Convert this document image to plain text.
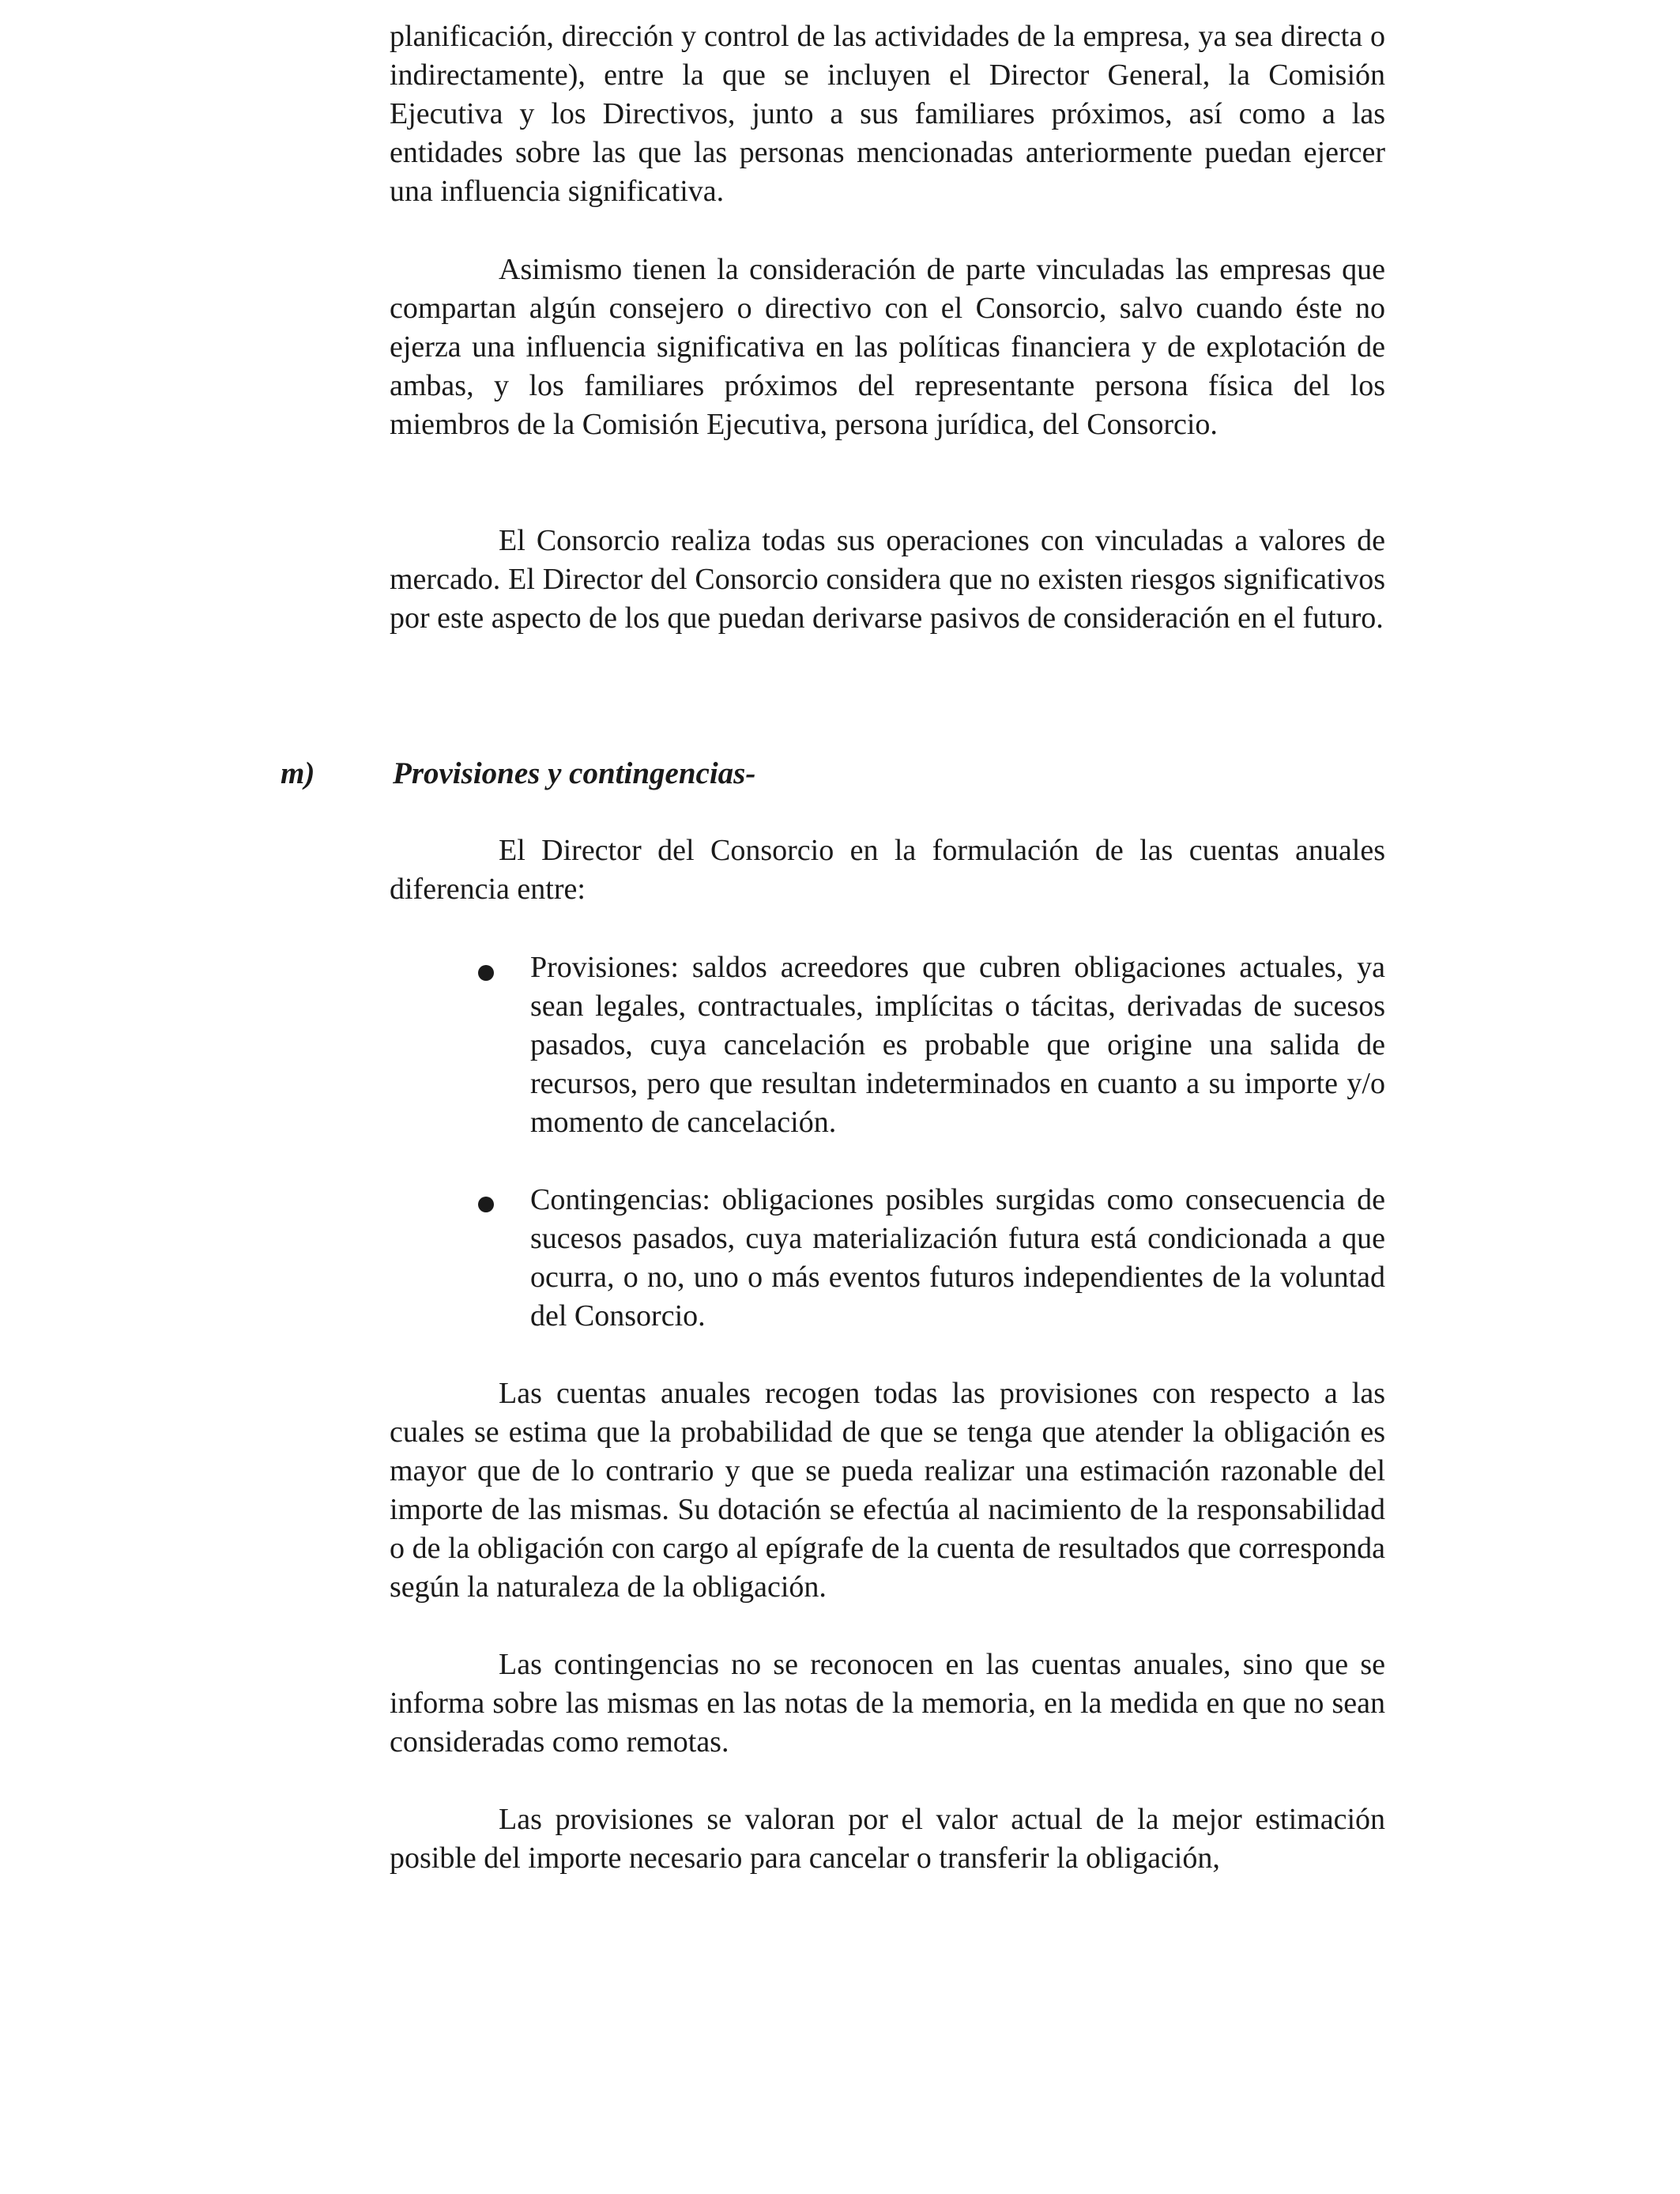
planificación, dirección y control de las actividades de la empresa, ya sea directa o indirectamente), entre la que se incluyen el Director General, la Comisión Ejecutiva y los Directivos, junto a sus familiares próximos, así como a las entidades sobre las que las personas mencionadas anteriormente puedan ejercer una influencia significativa.

Asimismo tienen la consideración de parte vinculadas las empresas que compartan algún consejero o directivo con el Consorcio, salvo cuando éste no ejerza una influencia significativa en las políticas financiera y de explotación de ambas, y los familiares próximos del representante persona física del los miembros de la Comisión Ejecutiva, persona jurídica, del Consorcio.

El Consorcio realiza todas sus operaciones con vinculadas a valores de mercado. El Director del Consorcio considera que no existen riesgos significativos por este aspecto de los que puedan derivarse pasivos de consideración en el futuro.

m)	Provisiones y contingencias-

El Director del Consorcio en la formulación de las cuentas anuales diferencia entre:

Provisiones: saldos acreedores que cubren obligaciones actuales, ya sean legales, contractuales, implícitas o tácitas, derivadas de sucesos pasados, cuya cancelación es probable que origine una salida de recursos, pero que resultan indeterminados en cuanto a su importe y/o momento de cancelación.

Contingencias: obligaciones posibles surgidas como consecuencia de sucesos pasados, cuya materialización futura está condicionada a que ocurra, o no, uno o más eventos futuros independientes de la voluntad del Consorcio.

Las cuentas anuales recogen todas las provisiones con respecto a las cuales se estima que la probabilidad de que se tenga que atender la obligación es mayor que de lo contrario y que se pueda realizar una estimación razonable del importe de las mismas. Su dotación se efectúa al nacimiento de la responsabilidad o de la obligación con cargo al epígrafe de la cuenta de resultados que corresponda según la naturaleza de la obligación.

Las contingencias no se reconocen en las cuentas anuales, sino que se informa sobre las mismas en las notas de la memoria, en la medida en que no sean consideradas como remotas.

Las provisiones se valoran por el valor actual de la mejor estimación posible del importe necesario para cancelar o transferir la obligación,
